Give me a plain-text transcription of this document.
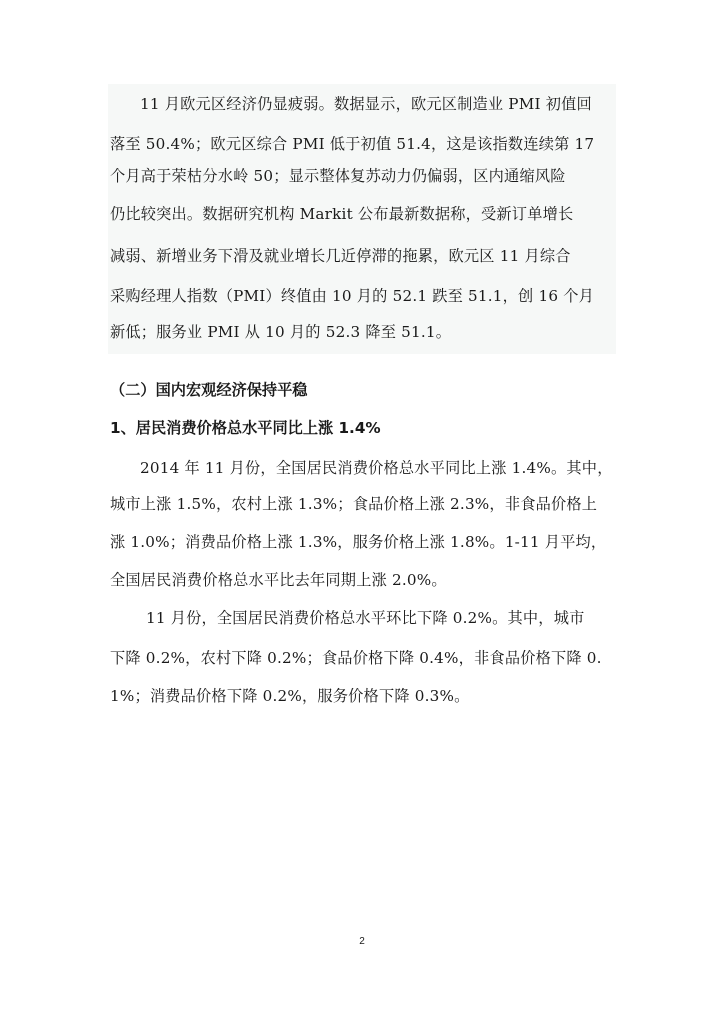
11 月欧元区经济仍显疲弱。数据显示，欧元区制造业 PMI 初值回
落至 50.4%；欧元区综合 PMI 低于初值 51.4，这是该指数连续第 17
个月高于荣枯分水岭 50；显示整体复苏动力仍偏弱，区内通缩风险
仍比较突出。数据研究机构 Markit 公布最新数据称，受新订单增长
减弱、新增业务下滑及就业增长几近停滞的拖累，欧元区 11 月综合
采购经理人指数（PMI）终值由 10 月的 52.1 跌至 51.1，创 16 个月
新低；服务业 PMI 从 10 月的 52.3 降至 51.1。
（二）国内宏观经济保持平稳
1、居民消费价格总水平同比上涨 1.4%
2014 年 11 月份，全国居民消费价格总水平同比上涨 1.4%。其中，
城市上涨 1.5%，农村上涨 1.3%；食品价格上涨 2.3%，非食品价格上
涨 1.0%；消费品价格上涨 1.3%，服务价格上涨 1.8%。1-11 月平均，
全国居民消费价格总水平比去年同期上涨 2.0%。
11 月份，全国居民消费价格总水平环比下降 0.2%。其中，城市
下降 0.2%，农村下降 0.2%；食品价格下降 0.4%，非食品价格下降 0.
1%；消费品价格下降 0.2%，服务价格下降 0.3%。
2
